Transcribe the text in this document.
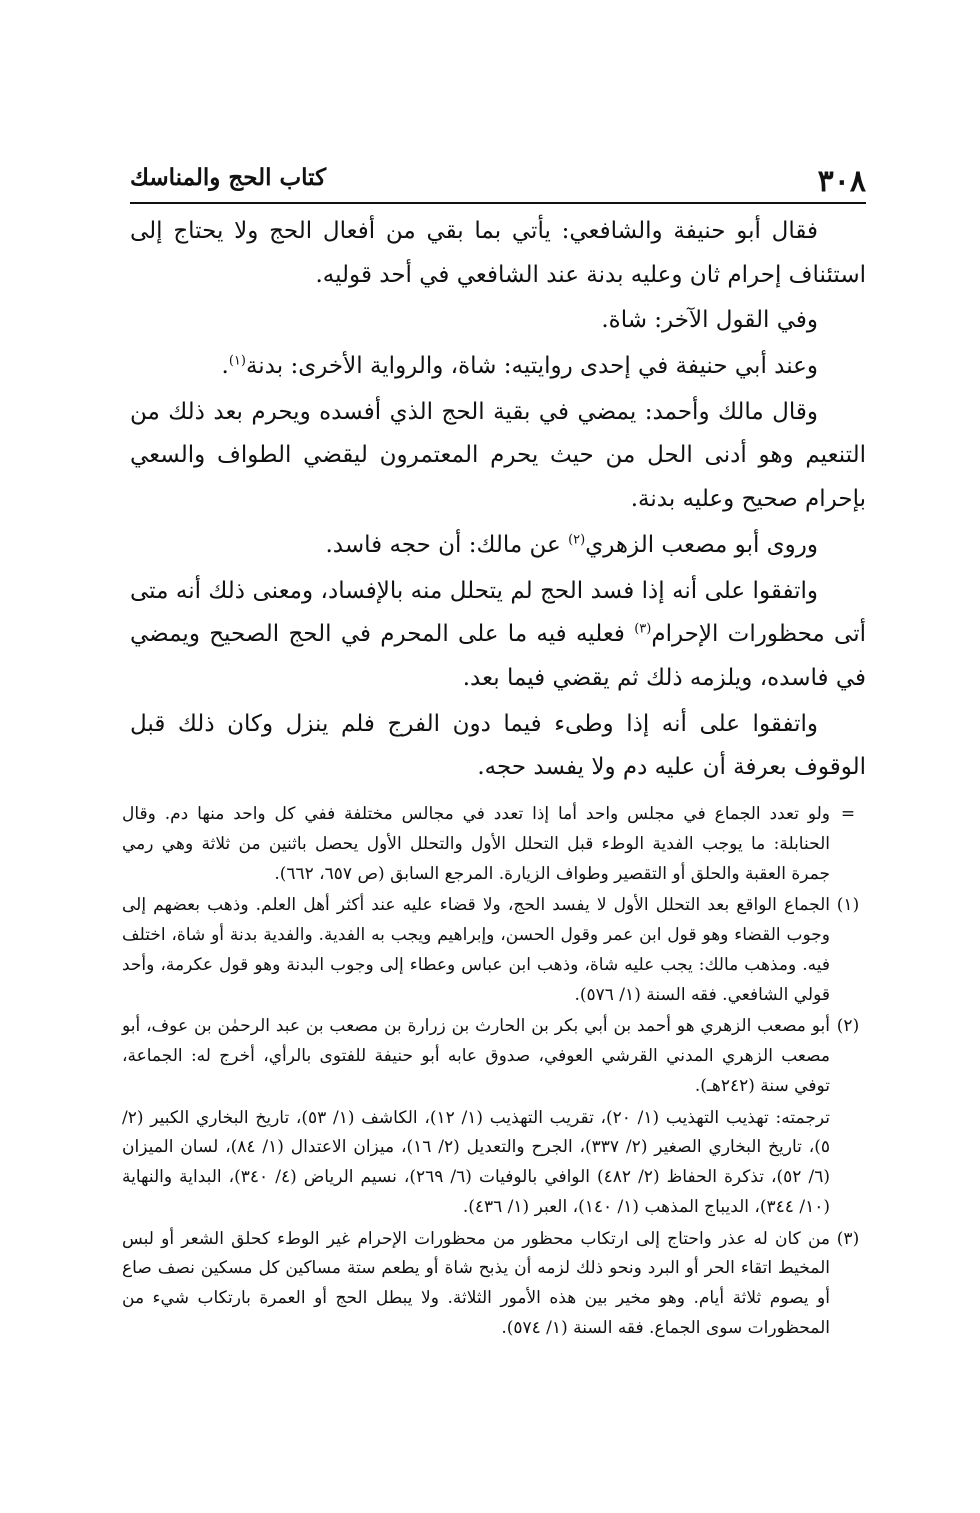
٣٠٨
كتاب الحج والمناسك

فقال أبو حنيفة والشافعي: يأتي بما بقي من أفعال الحج ولا يحتاج إلى استئناف إحرام ثان وعليه بدنة عند الشافعي في أحد قوليه.

وفي القول الآخر: شاة.

وعند أبي حنيفة في إحدى روايتيه: شاة، والرواية الأخرى: بدنة$^{(١)}$.

وقال مالك وأحمد: يمضي في بقية الحج الذي أفسده ويحرم بعد ذلك من التنعيم وهو أدنى الحل من حيث يحرم المعتمرون ليقضي الطواف والسعي بإحرام صحيح وعليه بدنة.

وروى أبو مصعب الزهري$^{(٢)}$ عن مالك: أن حجه فاسد.

واتفقوا على أنه إذا فسد الحج لم يتحلل منه بالإفساد، ومعنى ذلك أنه متى أتى محظورات الإحرام$^{(٣)}$ فعليه فيه ما على المحرم في الحج الصحيح ويمضي في فاسده، ويلزمه ذلك ثم يقضي فيما بعد.

واتفقوا على أنه إذا وطىء فيما دون الفرج فلم ينزل وكان ذلك قبل الوقوف بعرفة أن عليه دم ولا يفسد حجه.

=

ولو تعدد الجماع في مجلس واحد أما إذا تعدد في مجالس مختلفة ففي كل واحد منها دم. وقال الحنابلة: ما يوجب الفدية الوطء قبل التحلل الأول والتحلل الأول يحصل باثنين من ثلاثة وهي رمي جمرة العقبة والحلق أو التقصير وطواف الزيارة. المرجع السابق (ص ٦٥٧، ٦٦٢).

(١)

الجماع الواقع بعد التحلل الأول لا يفسد الحج، ولا قضاء عليه عند أكثر أهل العلم. وذهب بعضهم إلى وجوب القضاء وهو قول ابن عمر وقول الحسن، وإبراهيم ويجب به الفدية. والفدية بدنة أو شاة، اختلف فيه. ومذهب مالك: يجب عليه شاة، وذهب ابن عباس وعطاء إلى وجوب البدنة وهو قول عكرمة، وأحد قولي الشافعي. فقه السنة (١/ ٥٧٦).

(٢)

أبو مصعب الزهري هو أحمد بن أبي بكر بن الحارث بن زرارة بن مصعب بن عبد الرحمٰن بن عوف، أبو مصعب الزهري المدني القرشي العوفي، صدوق عابه أبو حنيفة للفتوى بالرأي، أخرج له: الجماعة، توفي سنة (٢٤٢هـ).

ترجمته: تهذيب التهذيب (١/ ٢٠)، تقريب التهذيب (١/ ١٢)، الكاشف (١/ ٥٣)، تاريخ البخاري الكبير (٢/ ٥)، تاريخ البخاري الصغير (٢/ ٣٣٧)، الجرح والتعديل (٢/ ١٦)، ميزان الاعتدال (١/ ٨٤)، لسان الميزان (٦/ ٥٢)، تذكرة الحفاظ (٢/ ٤٨٢) الوافي بالوفيات (٦/ ٢٦٩)، نسيم الرياض (٤/ ٣٤٠)، البداية والنهاية (١٠/ ٣٤٤)، الديباج المذهب (١/ ١٤٠)، العبر (١/ ٤٣٦).

(٣)

من كان له عذر واحتاج إلى ارتكاب محظور من محظورات الإحرام غير الوطء كحلق الشعر أو لبس المخيط اتقاء الحر أو البرد ونحو ذلك لزمه أن يذبح شاة أو يطعم ستة مساكين كل مسكين نصف صاع أو يصوم ثلاثة أيام. وهو مخير بين هذه الأمور الثلاثة. ولا يبطل الحج أو العمرة بارتكاب شيء من المحظورات سوى الجماع. فقه السنة (١/ ٥٧٤).
